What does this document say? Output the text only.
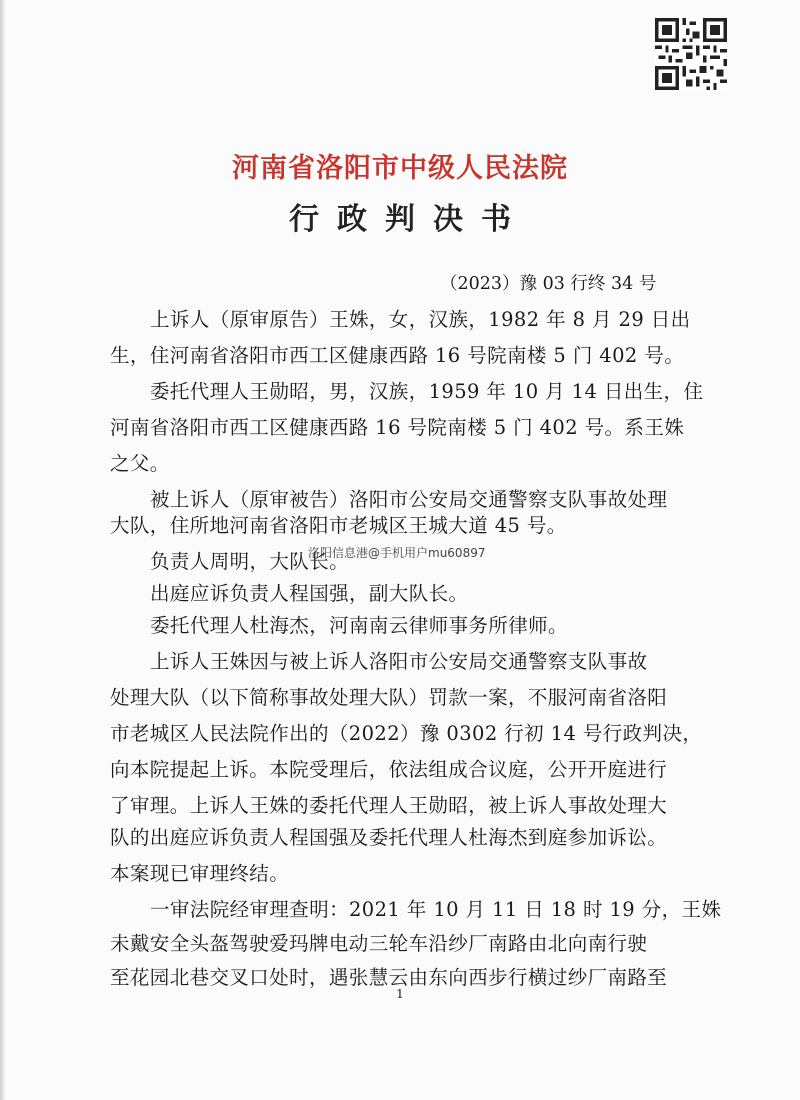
河南省洛阳市中级人民法院
行政判决书
（2023）豫 03 行终 34 号
上诉人（原审原告）王姝，女，汉族，1982 年 8 月 29 日出
生，住河南省洛阳市西工区健康西路 16 号院南楼 5 门 402 号。
委托代理人王勋昭，男，汉族，1959 年 10 月 14 日出生，住
河南省洛阳市西工区健康西路 16 号院南楼 5 门 402 号。系王姝
之父。
被上诉人（原审被告）洛阳市公安局交通警察支队事故处理
大队，住所地河南省洛阳市老城区王城大道 45 号。
负责人周明，大队长。
出庭应诉负责人程国强，副大队长。
委托代理人杜海杰，河南南云律师事务所律师。
上诉人王姝因与被上诉人洛阳市公安局交通警察支队事故
处理大队（以下简称事故处理大队）罚款一案，不服河南省洛阳
市老城区人民法院作出的（2022）豫 0302 行初 14 号行政判决，
向本院提起上诉。本院受理后，依法组成合议庭，公开开庭进行
了审理。上诉人王姝的委托代理人王勋昭，被上诉人事故处理大
队的出庭应诉负责人程国强及委托代理人杜海杰到庭参加诉讼。
本案现已审理终结。
一审法院经审理查明：2021 年 10 月 11 日 18 时 19 分，王姝
未戴安全头盔驾驶爱玛牌电动三轮车沿纱厂南路由北向南行驶
至花园北巷交叉口处时，遇张慧云由东向西步行横过纱厂南路至
洛阳信息港@手机用户mu60897
1
